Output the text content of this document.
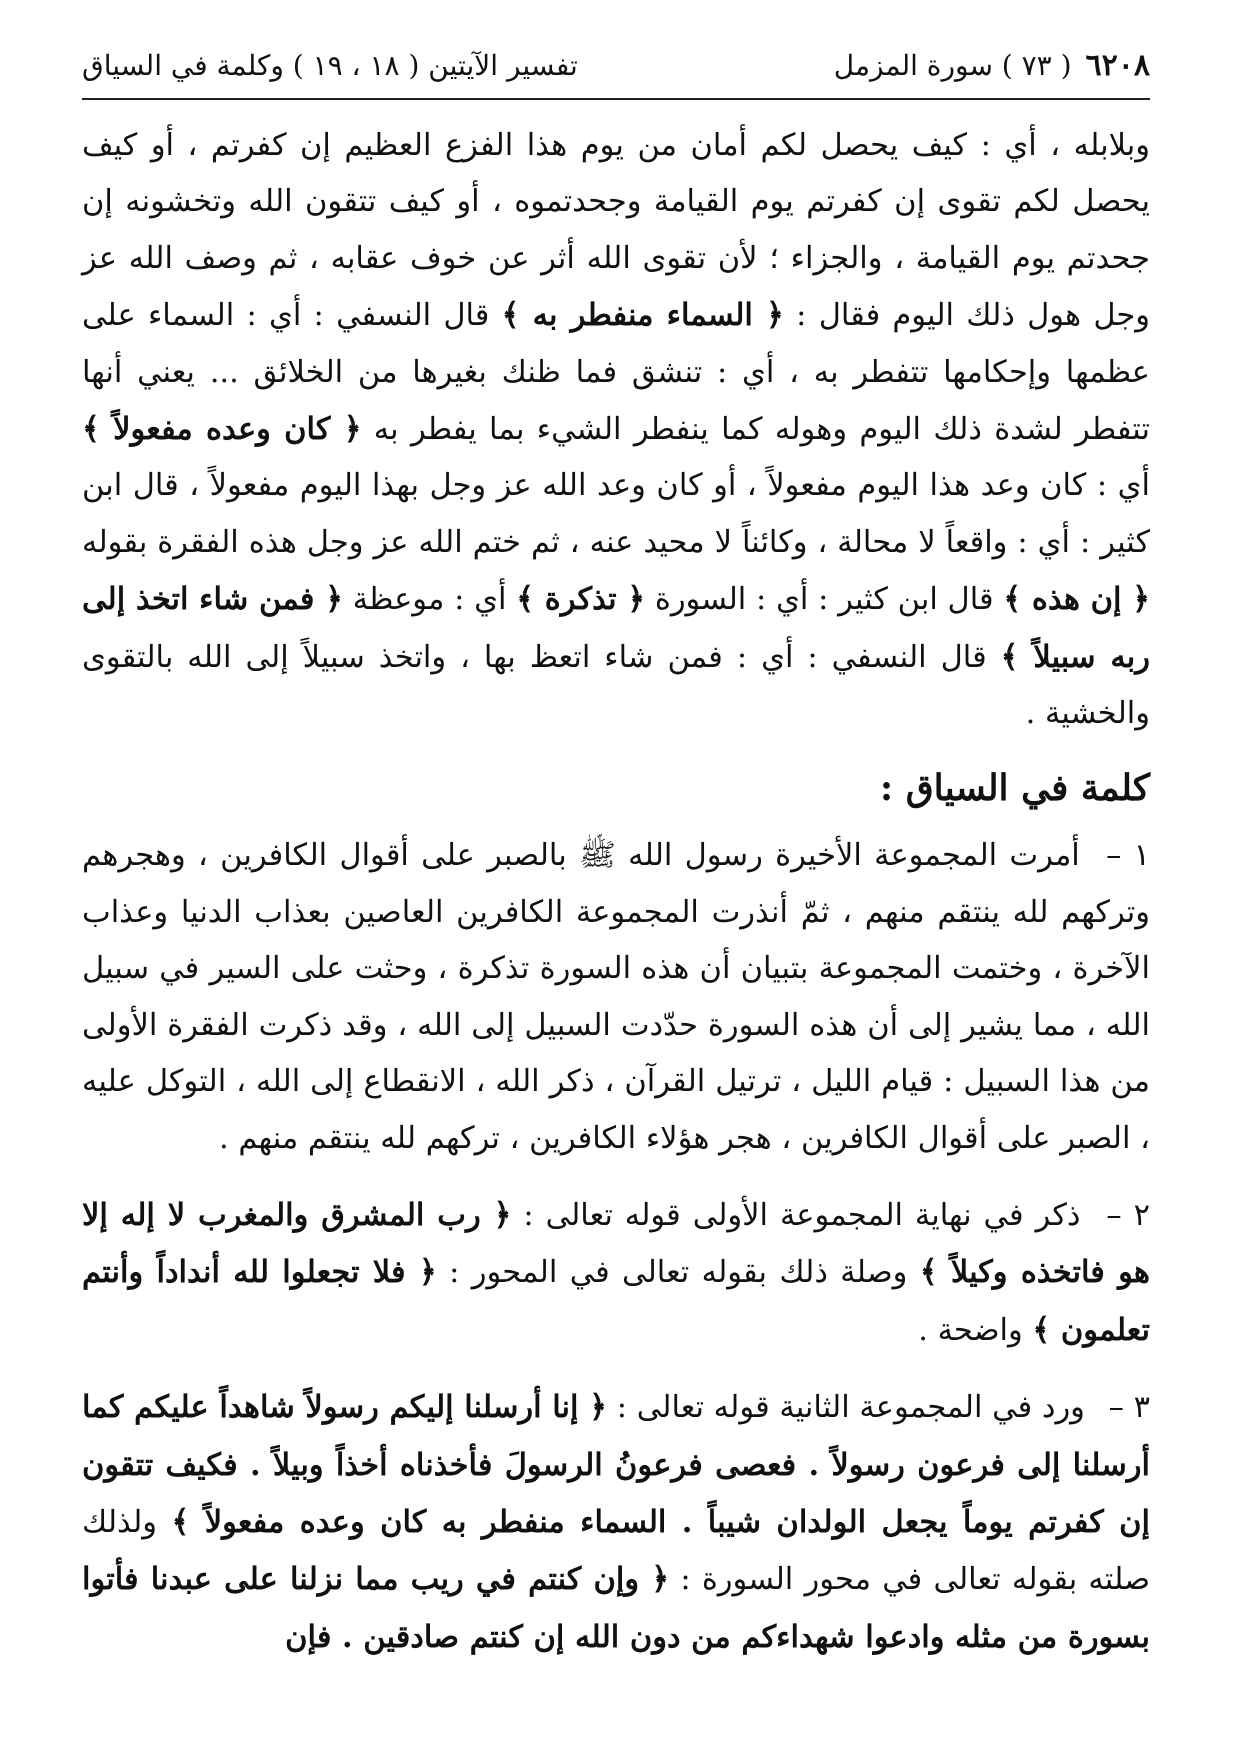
٦٢٠٨
( ٧٣ ) سورة المزمل
تفسير الآيتين ( ١٨ ، ١٩ ) وكلمة في السياق

وبلابله ، أي : كيف يحصل لكم أمان من يوم هذا الفزع العظيم إن كفرتم ، أو كيف يحصل لكم تقوى إن كفرتم يوم القيامة وجحدتموه ، أو كيف تتقون الله وتخشونه إن جحدتم يوم القيامة ، والجزاء ؛ لأن تقوى الله أثر عن خوف عقابه ، ثم وصف الله عز وجل هول ذلك اليوم فقال : ﴿ السماء منفطر به ﴾ قال النسفي : أي : السماء على عظمها وإحكامها تتفطر به ، أي : تنشق فما ظنك بغيرها من الخلائق ... يعني أنها تتفطر لشدة ذلك اليوم وهوله كما ينفطر الشيء بما يفطر به ﴿ كان وعده مفعولاً ﴾ أي : كان وعد هذا اليوم مفعولاً ، أو كان وعد الله عز وجل بهذا اليوم مفعولاً ، قال ابن كثير : أي : واقعاً لا محالة ، وكائناً لا محيد عنه ، ثم ختم الله عز وجل هذه الفقرة بقوله ﴿ إن هذه ﴾ قال ابن كثير : أي : السورة ﴿ تذكرة ﴾ أي : موعظة ﴿ فمن شاء اتخذ إلى ربه سبيلاً ﴾ قال النسفي : أي : فمن شاء اتعظ بها ، واتخذ سبيلاً إلى الله بالتقوى والخشية .

كلمة في السياق :

١ – أمرت المجموعة الأخيرة رسول الله ﷺ بالصبر على أقوال الكافرين ، وهجرهم وتركهم لله ينتقم منهم ، ثمّ أنذرت المجموعة الكافرين العاصين بعذاب الدنيا وعذاب الآخرة ، وختمت المجموعة بتبيان أن هذه السورة تذكرة ، وحثت على السير في سبيل الله ، مما يشير إلى أن هذه السورة حدّدت السبيل إلى الله ، وقد ذكرت الفقرة الأولى من هذا السبيل : قيام الليل ، ترتيل القرآن ، ذكر الله ، الانقطاع إلى الله ، التوكل عليه ، الصبر على أقوال الكافرين ، هجر هؤلاء الكافرين ، تركهم لله ينتقم منهم .

٢ – ذكر في نهاية المجموعة الأولى قوله تعالى : ﴿ رب المشرق والمغرب لا إله إلا هو فاتخذه وكيلاً ﴾ وصلة ذلك بقوله تعالى في المحور : ﴿ فلا تجعلوا لله أنداداً وأنتم تعلمون ﴾ واضحة .

٣ – ورد في المجموعة الثانية قوله تعالى : ﴿ إنا أرسلنا إليكم رسولاً شاهداً عليكم كما أرسلنا إلى فرعون رسولاً . فعصى فرعونُ الرسولَ فأخذناه أخذاً وبيلاً . فكيف تتقون إن كفرتم يوماً يجعل الولدان شيباً . السماء منفطر به كان وعده مفعولاً ﴾ ولذلك صلته بقوله تعالى في محور السورة : ﴿ وإن كنتم في ريب مما نزلنا على عبدنا فأتوا بسورة من مثله وادعوا شهداءكم من دون الله إن كنتم صادقين . فإن
